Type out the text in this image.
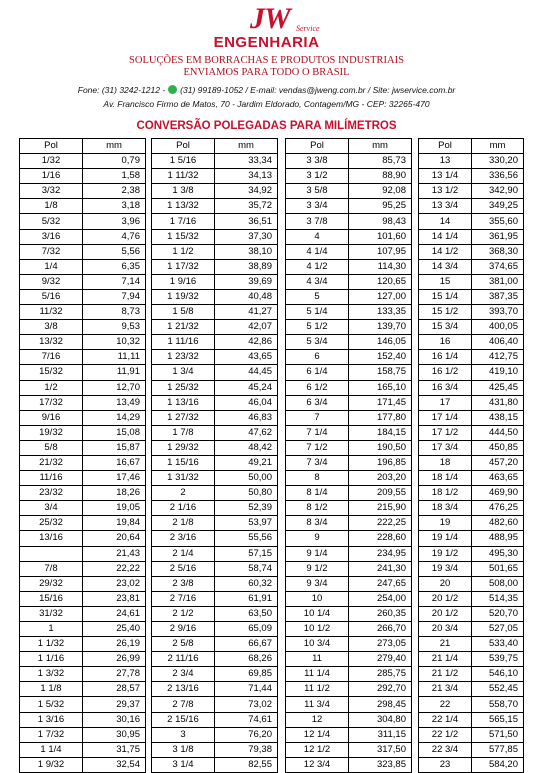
JW Service
ENGENHARIA
SOLUÇÕES EM BORRACHAS E PRODUTOS INDUSTRIAIS
ENVIAMOS PARA TODO O BRASIL
Fone: (31) 3242-1212 - (31) 99189-1052 / E-mail: vendas@jweng.com.br / Site: jwservice.com.br
Av. Francisco Firmo de Matos, 70 - Jardim Eldorado, Contagem/MG - CEP: 32265-470
CONVERSÃO POLEGADAS PARA MILÍMETROS
Pol	mm
1/32	0,79
1/16	1,58
3/32	2,38
1/8	3,18
5/32	3,96
3/16	4,76
7/32	5,56
1/4	6,35
9/32	7,14
5/16	7,94
11/32	8,73
3/8	9,53
13/32	10,32
7/16	11,11
15/32	11,91
1/2	12,70
17/32	13,49
9/16	14,29
19/32	15,08
5/8	15,87
21/32	16,67
11/16	17,46
23/32	18,26
3/4	19,05
25/32	19,84
13/16	20,64
	21,43
7/8	22,22
29/32	23,02
15/16	23,81
31/32	24,61
1	25,40
1 1/32	26,19
1 1/16	26,99
1 3/32	27,78
1 1/8	28,57
1 5/32	29,37
1 3/16	30,16
1 7/32	30,95
1 1/4	31,75
1 9/32	32,54
Pol	mm
1 5/16	33,34
1 11/32	34,13
1 3/8	34,92
1 13/32	35,72
1 7/16	36,51
1 15/32	37,30
1 1/2	38,10
1 17/32	38,89
1 9/16	39,69
1 19/32	40,48
1 5/8	41,27
1 21/32	42,07
1 11/16	42,86
1 23/32	43,65
1 3/4	44,45
1 25/32	45,24
1 13/16	46,04
1 27/32	46,83
1 7/8	47,62
1 29/32	48,42
1 15/16	49,21
1 31/32	50,00
2	50,80
2 1/16	52,39
2 1/8	53,97
2 3/16	55,56
2 1/4	57,15
2 5/16	58,74
2 3/8	60,32
2 7/16	61,91
2 1/2	63,50
2 9/16	65,09
2 5/8	66,67
2 11/16	68,26
2 3/4	69,85
2 13/16	71,44
2 7/8	73,02
2 15/16	74,61
3	76,20
3 1/8	79,38
3 1/4	82,55
Pol	mm
3 3/8	85,73
3 1/2	88,90
3 5/8	92,08
3 3/4	95,25
3 7/8	98,43
4	101,60
4 1/4	107,95
4 1/2	114,30
4 3/4	120,65
5	127,00
5 1/4	133,35
5 1/2	139,70
5 3/4	146,05
6	152,40
6 1/4	158,75
6 1/2	165,10
6 3/4	171,45
7	177,80
7 1/4	184,15
7 1/2	190,50
7 3/4	196,85
8	203,20
8 1/4	209,55
8 1/2	215,90
8 3/4	222,25
9	228,60
9 1/4	234,95
9 1/2	241,30
9 3/4	247,65
10	254,00
10 1/4	260,35
10 1/2	266,70
10 3/4	273,05
11	279,40
11 1/4	285,75
11 1/2	292,70
11 3/4	298,45
12	304,80
12 1/4	311,15
12 1/2	317,50
12 3/4	323,85
Pol	mm
13	330,20
13 1/4	336,56
13 1/2	342,90
13 3/4	349,25
14	355,60
14 1/4	361,95
14 1/2	368,30
14 3/4	374,65
15	381,00
15 1/4	387,35
15 1/2	393,70
15 3/4	400,05
16	406,40
16 1/4	412,75
16 1/2	419,10
16 3/4	425,45
17	431,80
17 1/4	438,15
17 1/2	444,50
17 3/4	450,85
18	457,20
18 1/4	463,65
18 1/2	469,90
18 3/4	476,25
19	482,60
19 1/4	488,95
19 1/2	495,30
19 3/4	501,65
20	508,00
20 1/2	514,35
20 1/2	520,70
20 3/4	527,05
21	533,40
21 1/4	539,75
21 1/2	546,10
21 3/4	552,45
22	558,70
22 1/4	565,15
22 1/2	571,50
22 3/4	577,85
23	584,20
